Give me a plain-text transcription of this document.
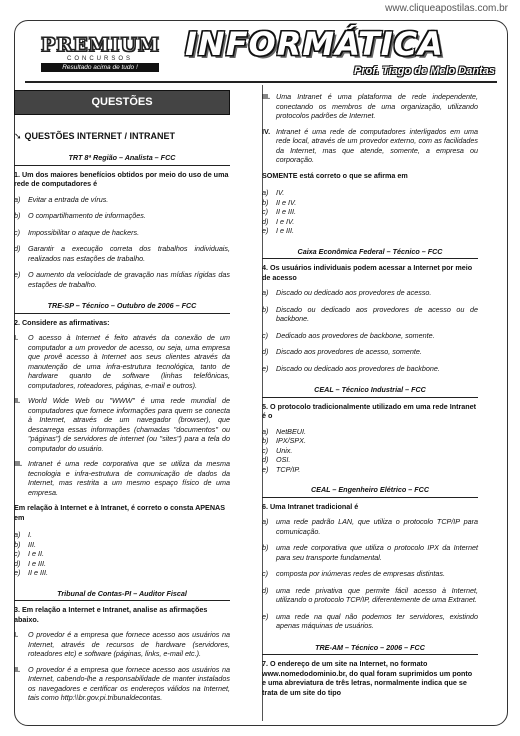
www.cliqueapostilas.com.br
PREMIUM
CONCURSOS
Resultado acima de tudo !
INFORMÁTICA
Prof. Tiago de Melo Dantas
QUESTÕES
➘ QUESTÕES INTERNET / INTRANET
TRT 8ª Região – Analista – FCC
1. Um dos maiores benefícios obtidos por meio do uso de uma rede de computadores é
a)	Evitar a entrada de vírus.
b)	O compartilhamento de informações.
c)	Impossibilitar o ataque de hackers.
d)	Garantir a execução correta dos trabalhos individuais, realizados nas estações de trabalho.
e)	O aumento da velocidade de gravação nas mídias rígidas das estações de trabalho.
TRE-SP – Técnico – Outubro de 2006 – FCC
2. Considere as afirmativas:
I.	O acesso à Internet é feito através da conexão de um computador a um provedor de acesso, ou seja, uma empresa que provê acesso à Internet aos seus clientes através da manutenção de uma infra-estrutura tecnológica, tanto de hardware quanto de software (linhas telefônicas, computadores, roteadores, páginas, e-mail e outros).
II.	World Wide Web ou "WWW" é uma rede mundial de computadores que fornece informações para quem se conecta à Internet, através de um navegador (browser), que descarrega essas informações (chamadas "documentos" ou "páginas") de servidores de internet (ou "sites") para a tela do computador do usuário.
III. Intranet é uma rede corporativa que se utiliza da mesma tecnologia e infra-estrutura de comunicação de dados da Internet, mas restrita a um mesmo espaço físico de uma empresa.
Em relação à Internet e à Intranet, é correto o consta APENAS em
a)	I.
b)	III.
c)	I e II.
d)	I e III.
e)	II e III.
Tribunal de Contas-PI – Auditor Fiscal
3. Em relação a Internet e Intranet, analise as afirmações abaixo.
I.	O provedor é a empresa que fornece acesso aos usuários na Internet, através de recursos de hardware (servidores, roteadores etc) e software (páginas, links, e-mail etc.).
II.	O provedor é a empresa que fornece acesso aos usuários na Internet, cabendo-lhe a responsabilidade de manter instalados os navegadores e certificar os endereços válidos na Internet, tais como http:\\br.gov.pi.tribunaldecontas.
III. Uma Intranet é uma plataforma de rede independente, conectando os membros de uma organização, utilizando protocolos padrões de Internet.
IV. Intranet é uma rede de computadores interligados em uma rede local, através de um provedor externo, com as facilidades da Internet, mas que atende, somente, a empresa ou corporação.
SOMENTE está correto o que se afirma em
a)	IV.
b)	II e IV.
c)	II e III.
d)	I e IV.
e)	I e III.
Caixa Econômica Federal – Técnico – FCC
4. Os usuários individuais podem acessar a Internet por meio de acesso
a)	Discado ou dedicado aos provedores de acesso.
b)	Discado ou dedicado aos provedores de acesso ou de backbone.
c)	Dedicado aos provedores de backbone, somente.
d)	Discado aos provedores de acesso, somente.
e)	Discado ou dedicado aos provedores de backbone.
CEAL – Técnico Industrial – FCC
5. O protocolo tradicionalmente utilizado em uma rede Intranet é o
a)	NetBEUI.
b)	IPX/SPX.
c)	Unix.
d)	OSI.
e)	TCP/IP.
CEAL – Engenheiro Elétrico – FCC
6. Uma Intranet tradicional é
a)	uma rede padrão LAN, que utiliza o protocolo TCP/IP para comunicação.
b)	uma rede corporativa que utiliza o protocolo IPX da Internet para seu transporte fundamental.
c)	composta por inúmeras redes de empresas distintas.
d)	uma rede privativa que permite fácil acesso à Internet, utilizando o protocolo TCP/IP, diferentemente de uma Extranet.
e)	uma rede na qual não podemos ter servidores, existindo apenas máquinas de usuários.
TRE-AM – Técnico – 2006 – FCC
7. O endereço de um site na Internet, no formato www.nomedodominio.br, do qual foram suprimidos um ponto e uma abreviatura de três letras, normalmente indica que se trata de um site do tipo
